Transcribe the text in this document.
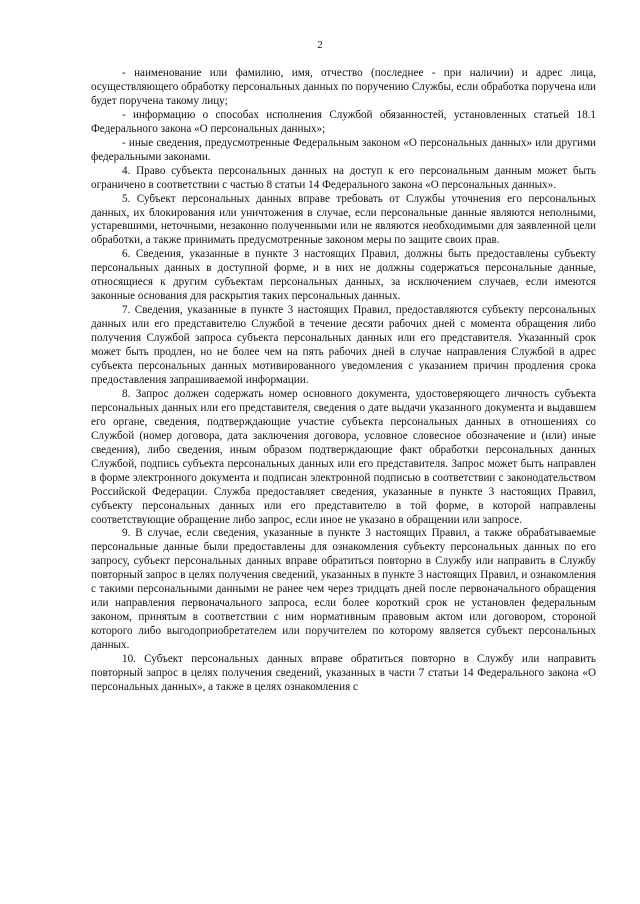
2

- наименование или фамилию, имя, отчество (последнее - при наличии) и адрес лица, осуществляющего обработку персональных данных по поручению Службы, если обработка поручена или будет поручена такому лицу;

- информацию о способах исполнения Службой обязанностей, установленных статьей 18.1 Федерального закона «О персональных данных»;

- иные сведения, предусмотренные Федеральным законом «О персональных данных» или другими федеральными законами.

4. Право субъекта персональных данных на доступ к его персональным данным может быть ограничено в соответствии с частью 8 статьи 14 Федерального закона «О персональных данных».

5. Субъект персональных данных вправе требовать от Службы уточнения его персональных данных, их блокирования или уничтожения в случае, если персональные данные являются неполными, устаревшими, неточными, незаконно полученными или не являются необходимыми для заявленной цели обработки, а также принимать предусмотренные законом меры по защите своих прав.

6. Сведения, указанные в пункте 3 настоящих Правил, должны быть предоставлены субъекту персональных данных в доступной форме, и в них не должны содержаться персональные данные, относящиеся к другим субъектам персональных данных, за исключением случаев, если имеются законные основания для раскрытия таких персональных данных.

7. Сведения, указанные в пункте 3 настоящих Правил, предоставляются субъекту персональных данных или его представителю Службой в течение десяти рабочих дней с момента обращения либо получения Службой запроса субъекта персональных данных или его представителя. Указанный срок может быть продлен, но не более чем на пять рабочих дней в случае направления Службой в адрес субъекта персональных данных мотивированного уведомления с указанием причин продления срока предоставления запрашиваемой информации.

8. Запрос должен содержать номер основного документа, удостоверяющего личность субъекта персональных данных или его представителя, сведения о дате выдачи указанного документа и выдавшем его органе, сведения, подтверждающие участие субъекта персональных данных в отношениях со Службой (номер договора, дата заключения договора, условное словесное обозначение и (или) иные сведения), либо сведения, иным образом подтверждающие факт обработки персональных данных Службой, подпись субъекта персональных данных или его представителя. Запрос может быть направлен в форме электронного документа и подписан электронной подписью в соответствии с законодательством Российской Федерации. Служба предоставляет сведения, указанные в пункте 3 настоящих Правил, субъекту персональных данных или его представителю в той форме, в которой направлены соответствующие обращение либо запрос, если иное не указано в обращении или запросе.

9. В случае, если сведения, указанные в пункте 3 настоящих Правил, а также обрабатываемые персональные данные были предоставлены для ознакомления субъекту персональных данных по его запросу, субъект персональных данных вправе обратиться повторно в Службу или направить в Службу повторный запрос в целях получения сведений, указанных в пункте 3 настоящих Правил, и ознакомления с такими персональными данными не ранее чем через тридцать дней после первоначального обращения или направления первоначального запроса, если более короткий срок не установлен федеральным законом, принятым в соответствии с ним нормативным правовым актом или договором, стороной которого либо выгодоприобретателем или поручителем по которому является субъект персональных данных.

10. Субъект персональных данных вправе обратиться повторно в Службу или направить повторный запрос в целях получения сведений, указанных в части 7 статьи 14 Федерального закона «О персональных данных», а также в целях ознакомления с
